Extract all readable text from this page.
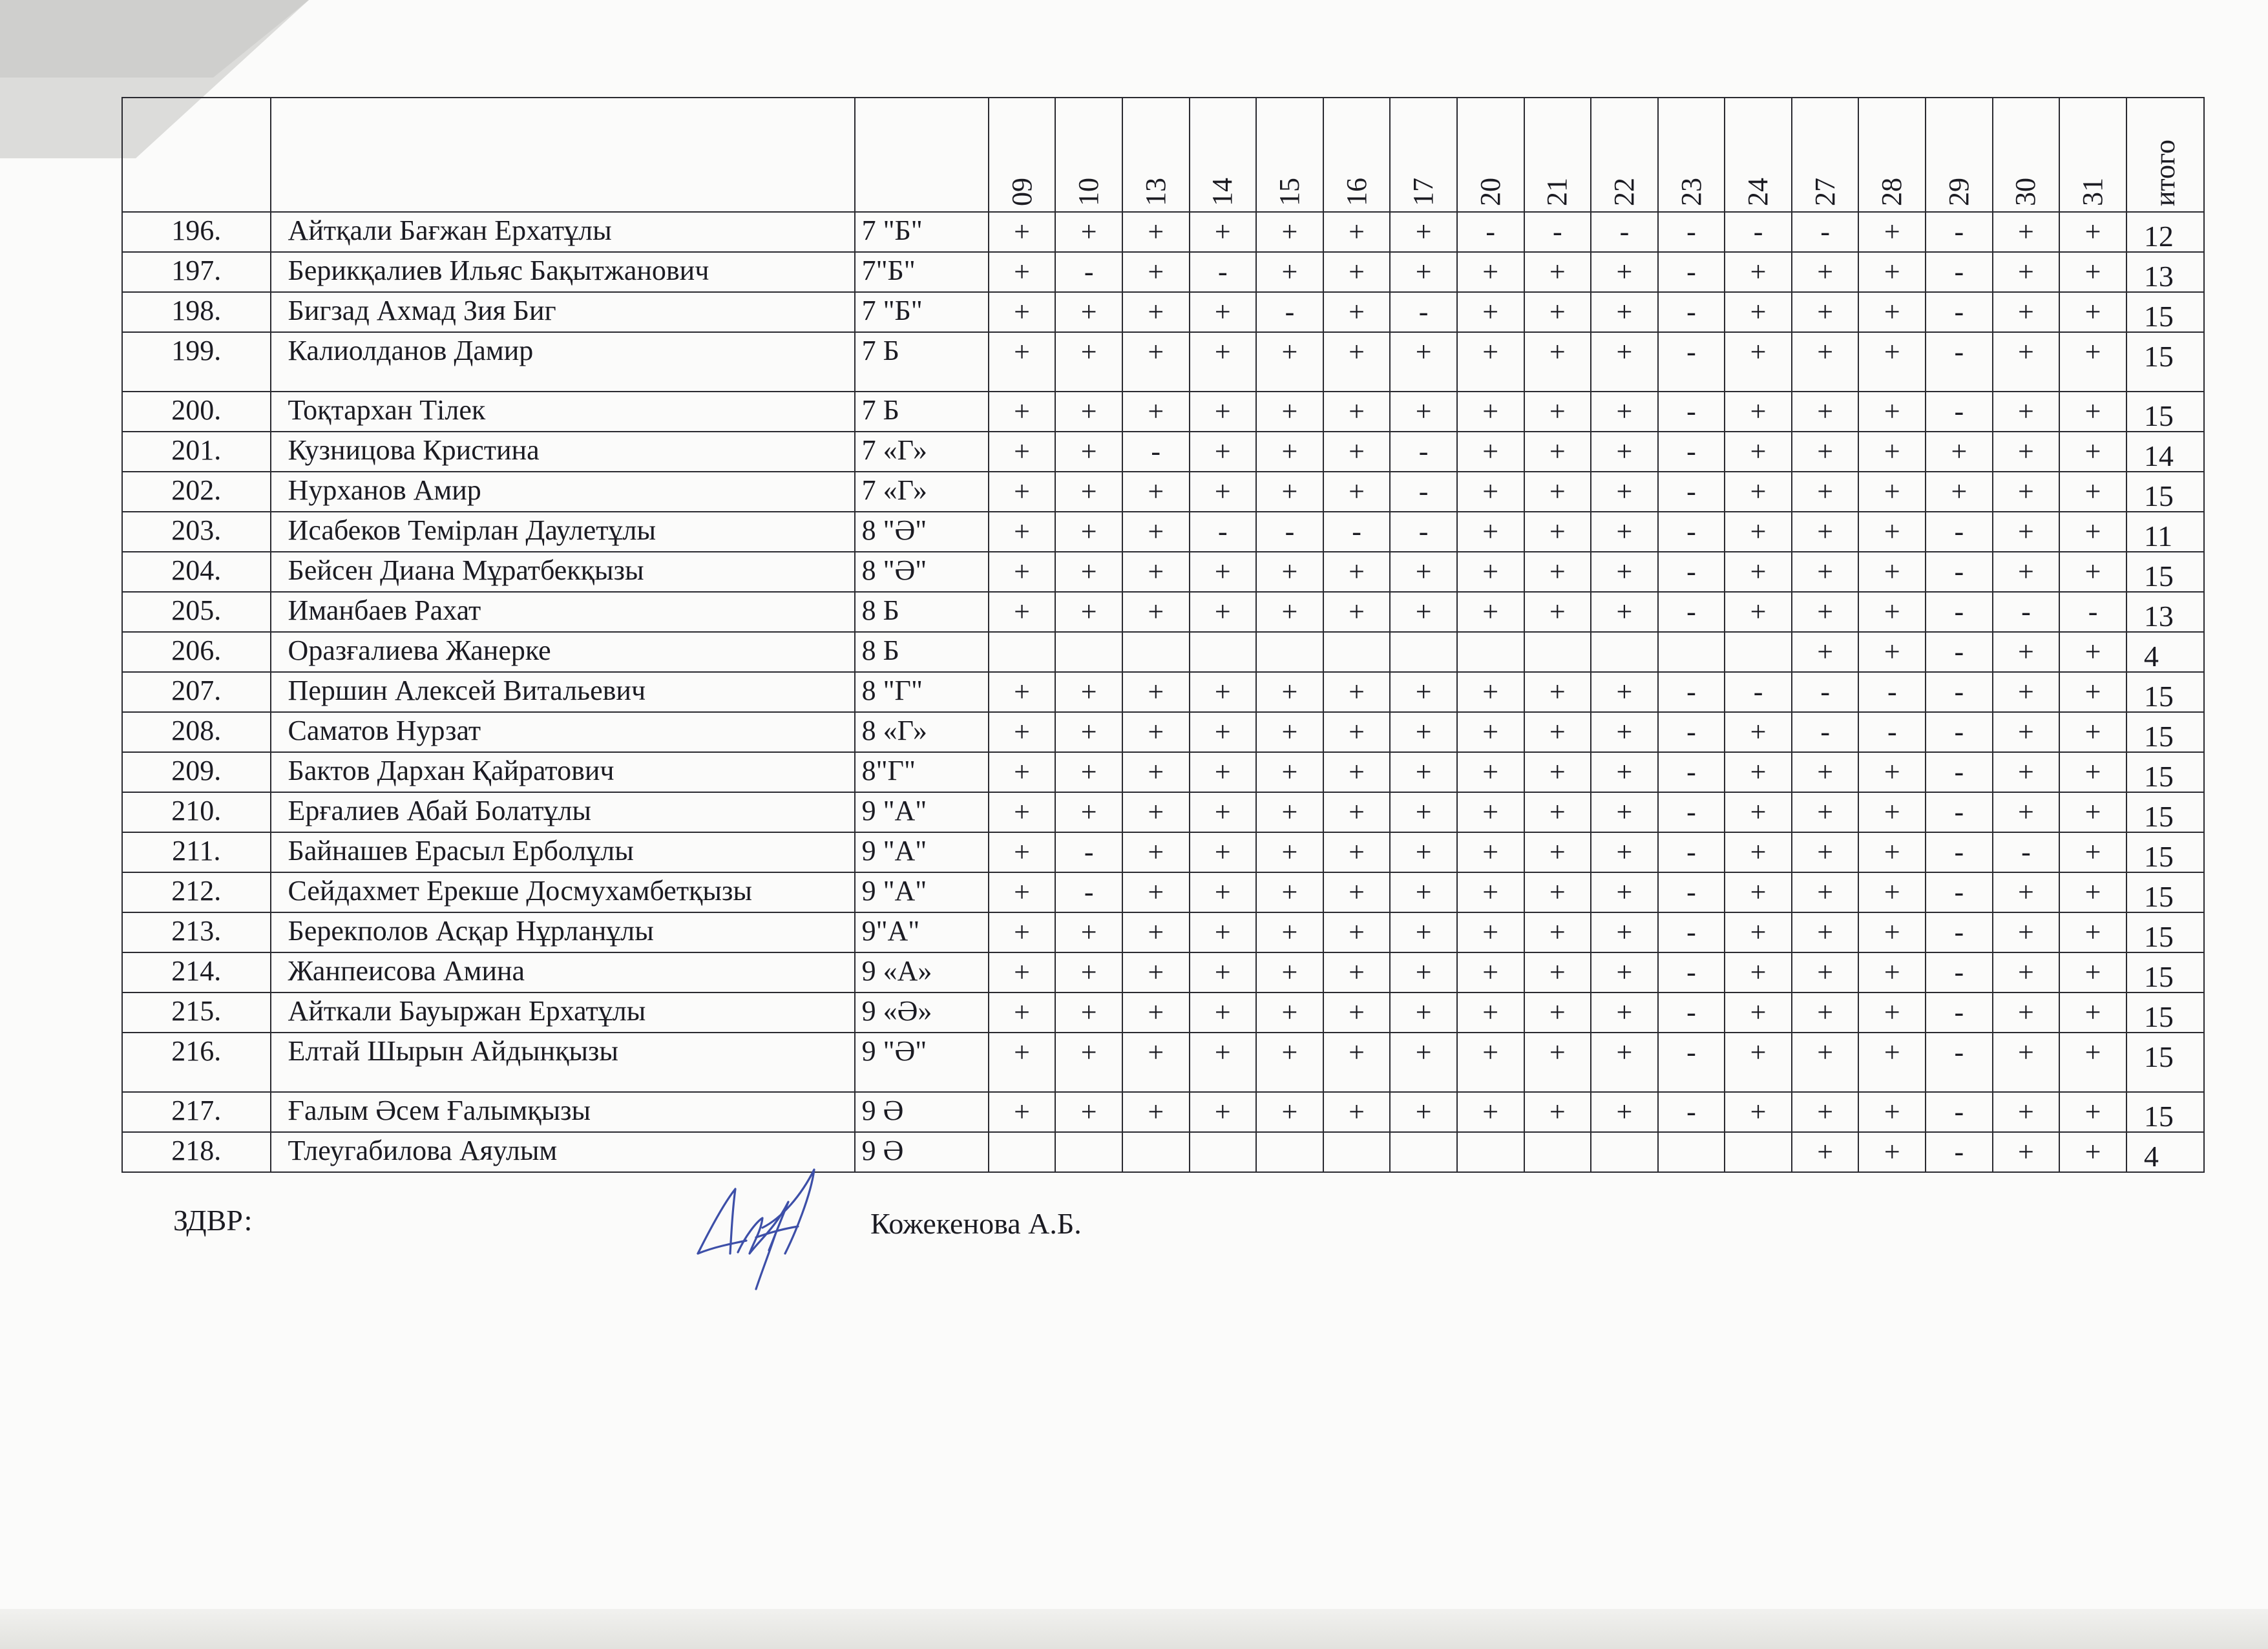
			09	10	13	14	15	16	17	20	21	22	23	24	27	28	29	30	31	итого
196.	Айтқали Бағжан Ерхатұлы	7 "Б"	+	+	+	+	+	+	+	-	-	-	-	-	-	+	-	+	+	12
197.	Берикқалиев Ильяс Бақытжанович	7"Б"	+	-	+	-	+	+	+	+	+	+	-	+	+	+	-	+	+	13
198.	Бигзад Ахмад Зия Биг	7 "Б"	+	+	+	+	-	+	-	+	+	+	-	+	+	+	-	+	+	15
199.	Калиолданов Дамир	7 Б	+	+	+	+	+	+	+	+	+	+	-	+	+	+	-	+	+	15
200.	Тоқтархан Тілек	7 Б	+	+	+	+	+	+	+	+	+	+	-	+	+	+	-	+	+	15
201.	Кузницова Кристина	7 «Г»	+	+	-	+	+	+	-	+	+	+	-	+	+	+	+	+	+	14
202.	Нурханов Амир	7 «Г»	+	+	+	+	+	+	-	+	+	+	-	+	+	+	+	+	+	15
203.	Исабеков Темірлан Даулетұлы	8 "Ә"	+	+	+	-	-	-	-	+	+	+	-	+	+	+	-	+	+	11
204.	Бейсен Диана Мұратбекқызы	8 "Ә"	+	+	+	+	+	+	+	+	+	+	-	+	+	+	-	+	+	15
205.	Иманбаев Рахат	8 Б	+	+	+	+	+	+	+	+	+	+	-	+	+	+	-	-	-	13
206.	Оразғалиева Жанерке	8 Б													+	+	-	+	+	4
207.	Першин Алексей Витальевич	8 "Г"	+	+	+	+	+	+	+	+	+	+	-	-	-	-	-	+	+	15
208.	Саматов Нурзат	8 «Г»	+	+	+	+	+	+	+	+	+	+	-	+	-	-	-	+	+	15
209.	Бактов Дархан Қайратович	8"Г"	+	+	+	+	+	+	+	+	+	+	-	+	+	+	-	+	+	15
210.	Ерғалиев Абай Болатұлы	9 "А"	+	+	+	+	+	+	+	+	+	+	-	+	+	+	-	+	+	15
211.	Байнашев Ерасыл Ерболұлы	9 "А"	+	-	+	+	+	+	+	+	+	+	-	+	+	+	-	-	+	15
212.	Сейдахмет Ерекше Досмухамбетқызы	9 "А"	+	-	+	+	+	+	+	+	+	+	-	+	+	+	-	+	+	15
213.	Берекполов Асқар Нұрланұлы	9"А"	+	+	+	+	+	+	+	+	+	+	-	+	+	+	-	+	+	15
214.	Жанпеисова Амина	9 «А»	+	+	+	+	+	+	+	+	+	+	-	+	+	+	-	+	+	15
215.	Айткали Бауыржан Ерхатұлы	9 «Ә»	+	+	+	+	+	+	+	+	+	+	-	+	+	+	-	+	+	15
216.	Елтай Шырын Айдынқызы	9 "Ә"	+	+	+	+	+	+	+	+	+	+	-	+	+	+	-	+	+	15
217.	Ғалым Әсем Ғалымқызы	9 Ә	+	+	+	+	+	+	+	+	+	+	-	+	+	+	-	+	+	15
218.	Тлеугабилова Аяулым	9 Ә													+	+	-	+	+	4
ЗДВР:	Кожекенова А.Б.
